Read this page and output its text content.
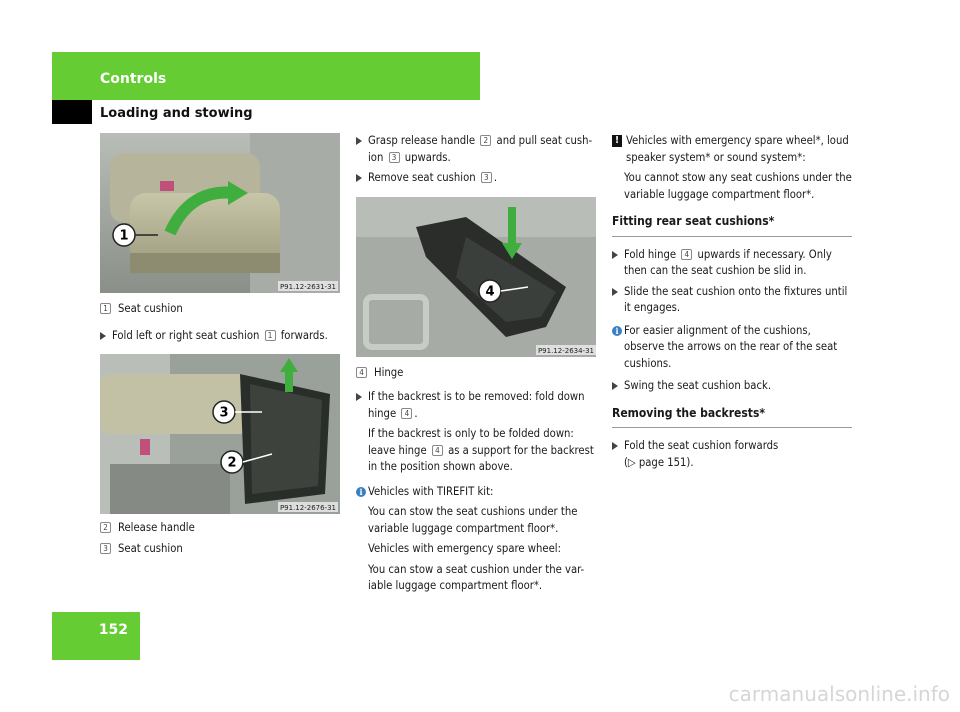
Controls
Loading and stowing
1
P91.12-2631-31
1 Seat cushion
Fold left or right seat cushion 1 forwards.
3
2
P91.12-2676-31
2 Release handle
3 Seat cushion
Grasp release handle 2 and pull seat cush-ion 3 upwards.
Remove seat cushion 3 .
4
P91.12-2634-31
4 Hinge
If the backrest is to be removed: fold down hinge 4 .
If the backrest is only to be folded down: leave hinge 4 as a support for the backrest in the position shown above.
i Vehicles with TIREFIT kit:
You can stow the seat cushions under the variable luggage compartment floor*.
Vehicles with emergency spare wheel:
You can stow a seat cushion under the var-iable luggage compartment floor*.
! Vehicles with emergency spare wheel*, loud speaker system* or sound system*:
You cannot stow any seat cushions under the variable luggage compartment floor*.
Fitting rear seat cushions*
Fold hinge 4 upwards if necessary. Only then can the seat cushion be slid in.
Slide the seat cushion onto the fixtures until it engages.
i For easier alignment of the cushions, observe the arrows on the rear of the seat cushions.
Swing the seat cushion back.
Removing the backrests*
Fold the seat cushion forwards
(▷ page 151).
152
carmanualsonline.info
